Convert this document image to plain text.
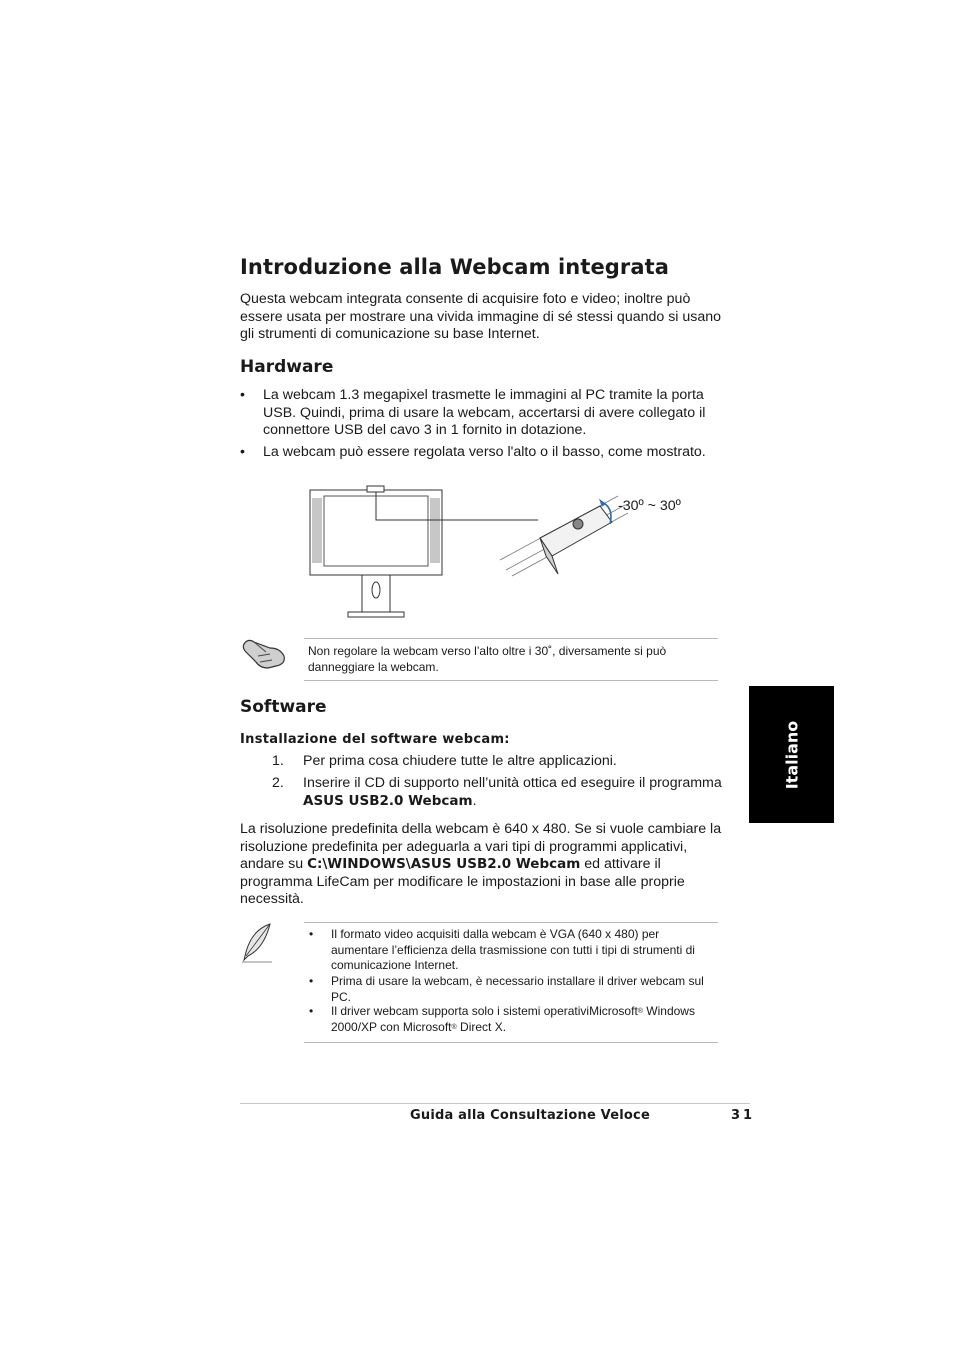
Introduzione alla Webcam integrata
Questa webcam integrata consente di acquisire foto e video; inoltre può essere usata per mostrare una vivida immagine di sé stessi quando si usano gli strumenti di comunicazione su base Internet.
Hardware
• La webcam 1.3 megapixel trasmette le immagini al PC tramite la porta USB. Quindi, prima di usare la webcam, accertarsi di avere collegato il connettore USB del cavo 3 in 1 fornito in dotazione.
• La webcam può essere regolata verso l'alto o il basso, come mostrato.
-30º ~ 30º
Non regolare la webcam verso l’alto oltre i 30˚, diversamente si può danneggiare la webcam.
Software
Installazione del software webcam:
1. Per prima cosa chiudere tutte le altre applicazioni.
2. Inserire il CD di supporto nell’unità ottica ed eseguire il programma
ASUS USB2.0 Webcam.
La risoluzione predefinita della webcam è 640 x 480. Se si vuole cambiare la risoluzione predefinita per adeguarla a vari tipi di programmi applicativi, andare su C:\WINDOWS\ASUS USB2.0 Webcam ed attivare il programma LifeCam per modificare le impostazioni in base alle proprie necessità.
• Il formato video acquisiti dalla webcam è VGA (640 x 480) per aumentare l’efficienza della trasmissione con tutti i tipi di strumenti di comunicazione Internet.
• Prima di usare la webcam, è necessario installare il driver webcam sul PC.
• Il driver webcam supporta solo i sistemi operativiMicrosoft® Windows 2000/XP con Microsoft® Direct X.
Italiano
Guida alla Consultazione Veloce	31
